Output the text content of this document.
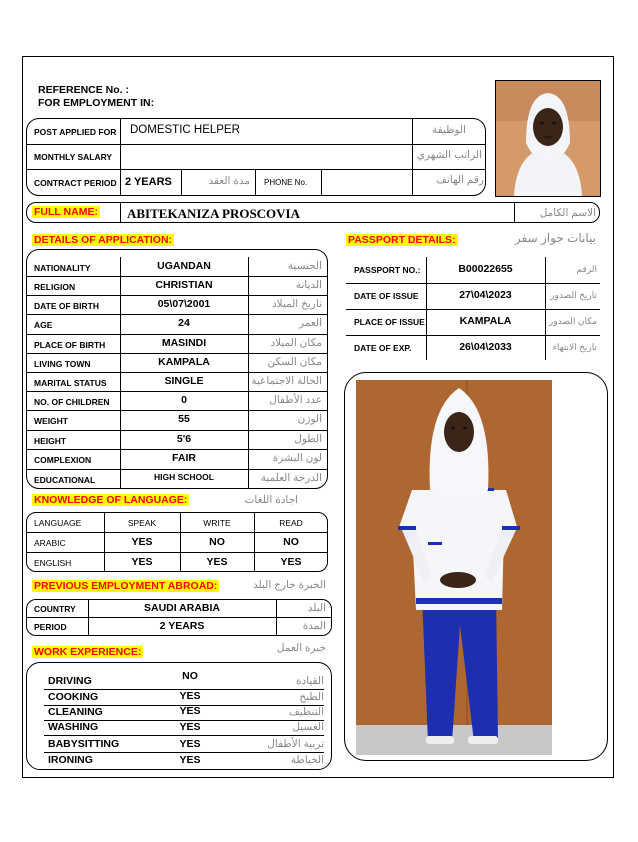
REFERENCE No. :
FOR EMPLOYMENT IN:
POST APPLIED FOR DOMESTIC HELPER	الوظيفة
MONTHLY SALARY	الراتب الشهري
CONTRACT PERIOD 2 YEARS	مدة العقد PHONE No.	رقم الهاتف
FULL NAME: ABITEKANIZA PROSCOVIA	الاسم الكامل
DETAILS OF APPLICATION:
NATIONALITY	UGANDAN	الجنسية
RELIGION	CHRISTIAN	الديانة
DATE OF BIRTH	05\07\2001	تاريخ الميلاد
AGE	24	العمر
PLACE OF BIRTH	MASINDI	مكان الميلاد
LIVING TOWN	KAMPALA	مكان السكن
MARITAL STATUS	SINGLE	الحالة الاجتماعية
NO. OF CHILDREN	0	عدد الأطفال
WEIGHT	55	الوزن
HEIGHT	5'6	الطول
COMPLEXION	FAIR	لون البشرة
EDUCATIONAL	HIGH SCHOOL	الدرجة العلمية
PASSPORT DETAILS:	بيانات جواز سفر
PASSPORT NO.:	B00022655	الرقم
DATE OF ISSUE	27\04\2023	تاريخ الصدور
PLACE OF ISSUE	KAMPALA	مكان الصدور
DATE OF EXP.	26\04\2033	تاريخ الانتهاء
KNOWLEDGE OF LANGUAGE:	اجادة اللغات
LANGUAGE	SPEAK	WRITE	READ
ARABIC	YES	NO	NO
ENGLISH	YES	YES	YES
PREVIOUS EMPLOYMENT ABROAD:	الخبرة خارج البلد
COUNTRY	SAUDI ARABIA	البلد
PERIOD	2 YEARS	المدة
WORK EXPERIENCE:	خبرة العمل
DRIVING	NO	القيادة
COOKING	YES	الطبخ
CLEANING	YES	التنظيف
WASHING	YES	الغسيل
BABYSITTING	YES	تربية الأطفال
IRONING	YES	الخياطة
